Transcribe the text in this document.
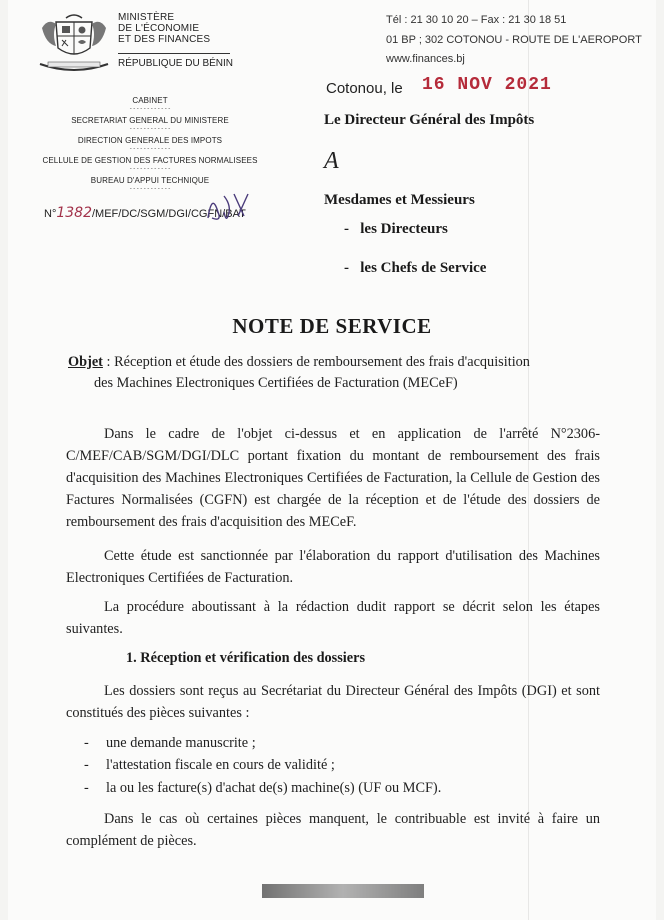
MINISTÈRE
DE L'ÉCONOMIE
ET DES FINANCES
RÉPUBLIQUE DU BÉNIN
CABINET
- - - - - - - - - - - -
SECRETARIAT GENERAL DU MINISTERE
- - - - - - - - - - - -
DIRECTION GENERALE DES IMPOTS
- - - - - - - - - - - -
CELLULE DE GESTION DES FACTURES NORMALISEES
- - - - - - - - - - - -
BUREAU D'APPUI TECHNIQUE
- - - - - - - - - - - -
N°1382/MEF/DC/SGM/DGI/CGFN/BAT
Tél : 21 30 10 20 – Fax : 21 30 18 51
01 BP ; 302 COTONOU - ROUTE DE L'AEROPORT
www.finances.bj
Cotonou, le 16 NOV 2021
Le Directeur Général des Impôts
A
Mesdames et Messieurs
-   les Directeurs
-   les Chefs de Service
NOTE DE SERVICE
Objet : Réception et étude des dossiers de remboursement des frais d'acquisition
des Machines Electroniques Certifiées de Facturation (MECeF)
Dans le cadre de l'objet ci-dessus et en application de l'arrêté N°2306-C/MEF/CAB/SGM/DGI/DLC portant fixation du montant de remboursement des frais d'acquisition des Machines Electroniques Certifiées de Facturation, la Cellule de Gestion des Factures Normalisées (CGFN) est chargée de la réception et de l'étude des dossiers de remboursement des frais d'acquisition des MECeF.
Cette étude est sanctionnée par l'élaboration du rapport d'utilisation des Machines Electroniques Certifiées de Facturation.
La procédure aboutissant à la rédaction dudit rapport se décrit selon les étapes suivantes.
1. Réception et vérification des dossiers
Les dossiers sont reçus au Secrétariat du Directeur Général des Impôts (DGI) et sont constitués des pièces suivantes :
- une demande manuscrite ;
- l'attestation fiscale en cours de validité ;
- la ou les facture(s) d'achat de(s) machine(s) (UF ou MCF).
Dans le cas où certaines pièces manquent, le contribuable est invité à faire un complément de pièces.
